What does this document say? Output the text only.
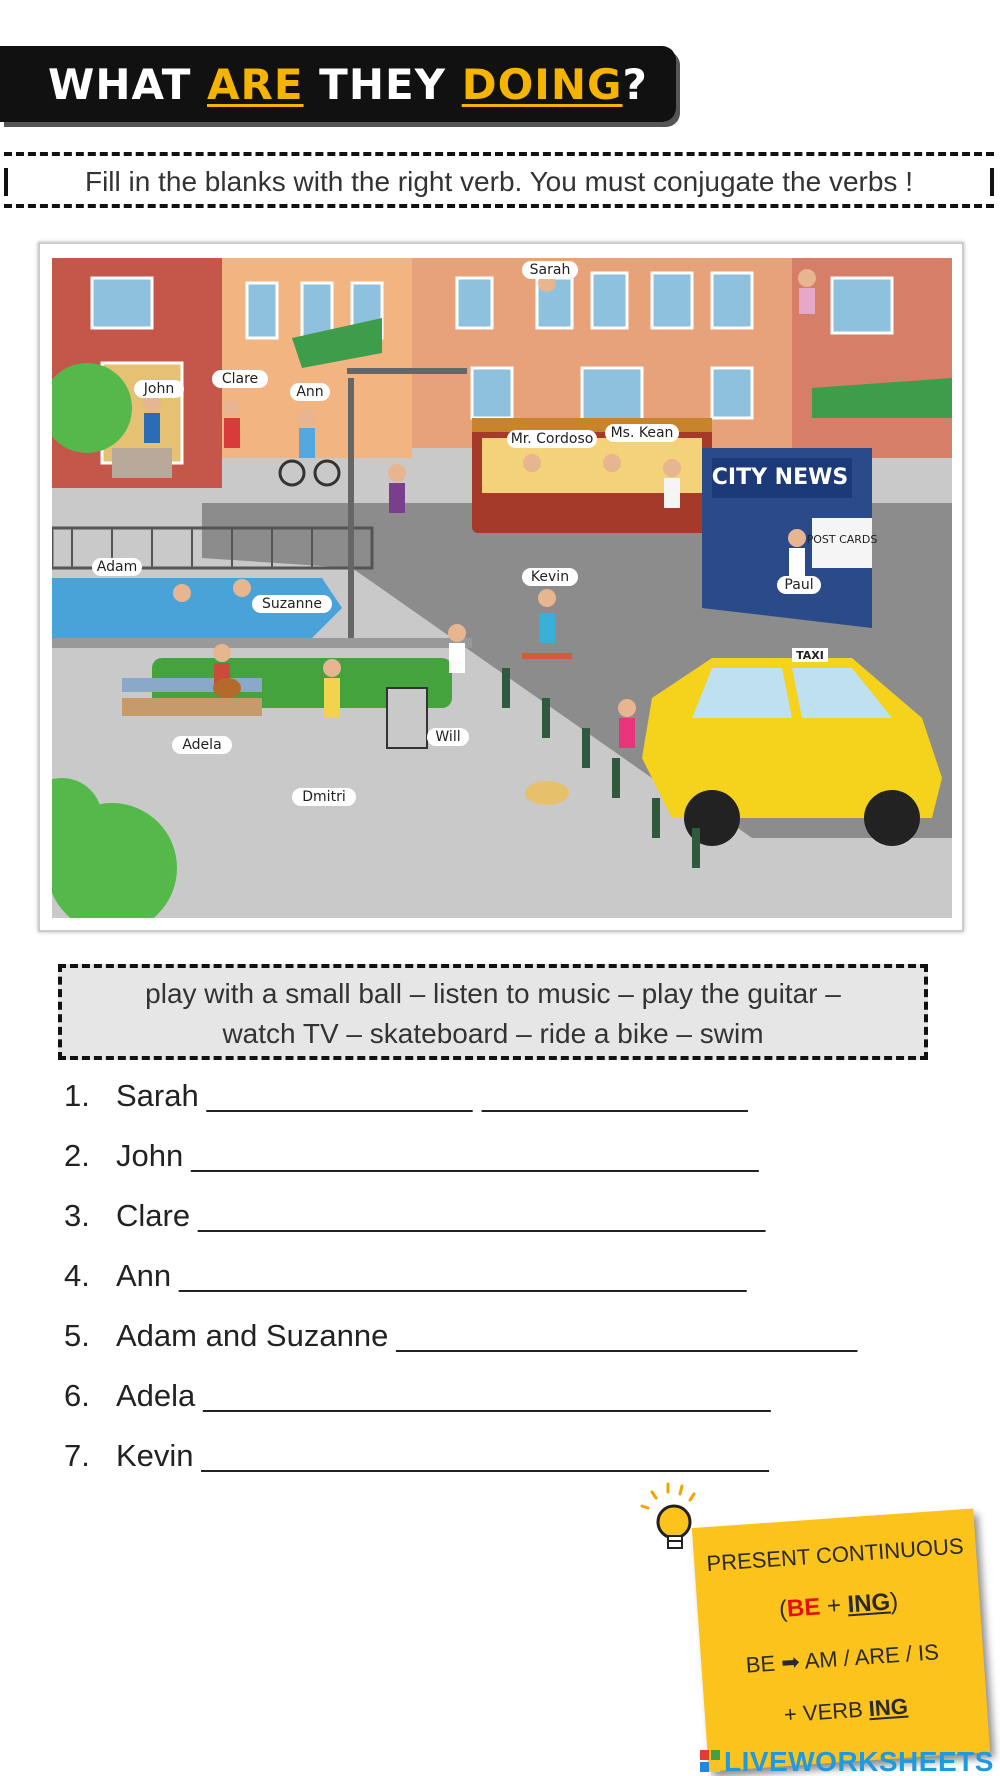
WHAT ARE THEY DOING?
Fill in the blanks with the right verb. You must conjugate the verbs !
Sarah
John
Clare
Ann
Mr. Cordoso Ms. Kean
CITY NEWS
POST CARDS
Adam
Suzanne
Kevin	Paul
TAXI
Adela	Will
Dmitri
play with a small ball – listen to music – play the guitar –
watch TV – skateboard – ride a bike – swim
1. Sarah _______________ _______________
2. John ________________________________
3. Clare ________________________________
4. Ann ________________________________
5. Adam and Suzanne __________________________
6. Adela ________________________________
7. Kevin ________________________________
PRESENT CONTINUOUS
(BE + ING)
BE ➡ AM / ARE / IS
+ VERB ING
LIVEWORKSHEETS
